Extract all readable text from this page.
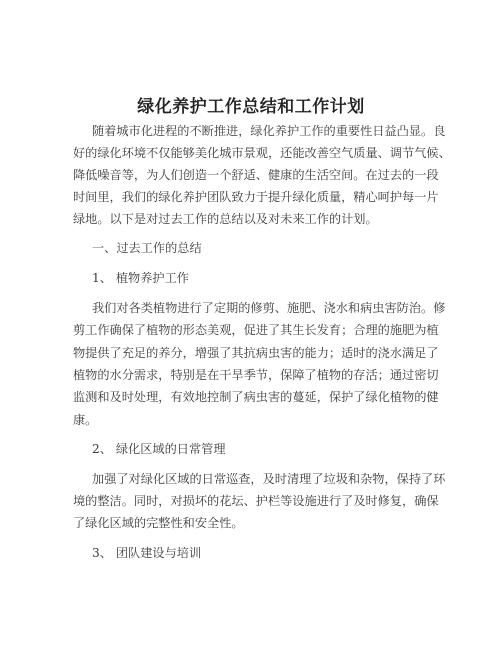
绿化养护工作总结和工作计划
随着城市化进程的不断推进，绿化养护工作的重要性日益凸显。良
好的绿化环境不仅能够美化城市景观，还能改善空气质量、调节气候、
降低噪音等，为人们创造一个舒适、健康的生活空间。在过去的一段
时间里，我们的绿化养护团队致力于提升绿化质量，精心呵护每一片
绿地。以下是对过去工作的总结以及对未来工作的计划。
一、过去工作的总结
1、 植物养护工作
我们对各类植物进行了定期的修剪、施肥、浇水和病虫害防治。修
剪工作确保了植物的形态美观，促进了其生长发育；合理的施肥为植
物提供了充足的养分，增强了其抗病虫害的能力；适时的浇水满足了
植物的水分需求，特别是在干旱季节，保障了植物的存活；通过密切
监测和及时处理，有效地控制了病虫害的蔓延，保护了绿化植物的健
康。
2、 绿化区域的日常管理
加强了对绿化区域的日常巡查，及时清理了垃圾和杂物，保持了环
境的整洁。同时，对损坏的花坛、护栏等设施进行了及时修复，确保
了绿化区域的完整性和安全性。
3、 团队建设与培训
